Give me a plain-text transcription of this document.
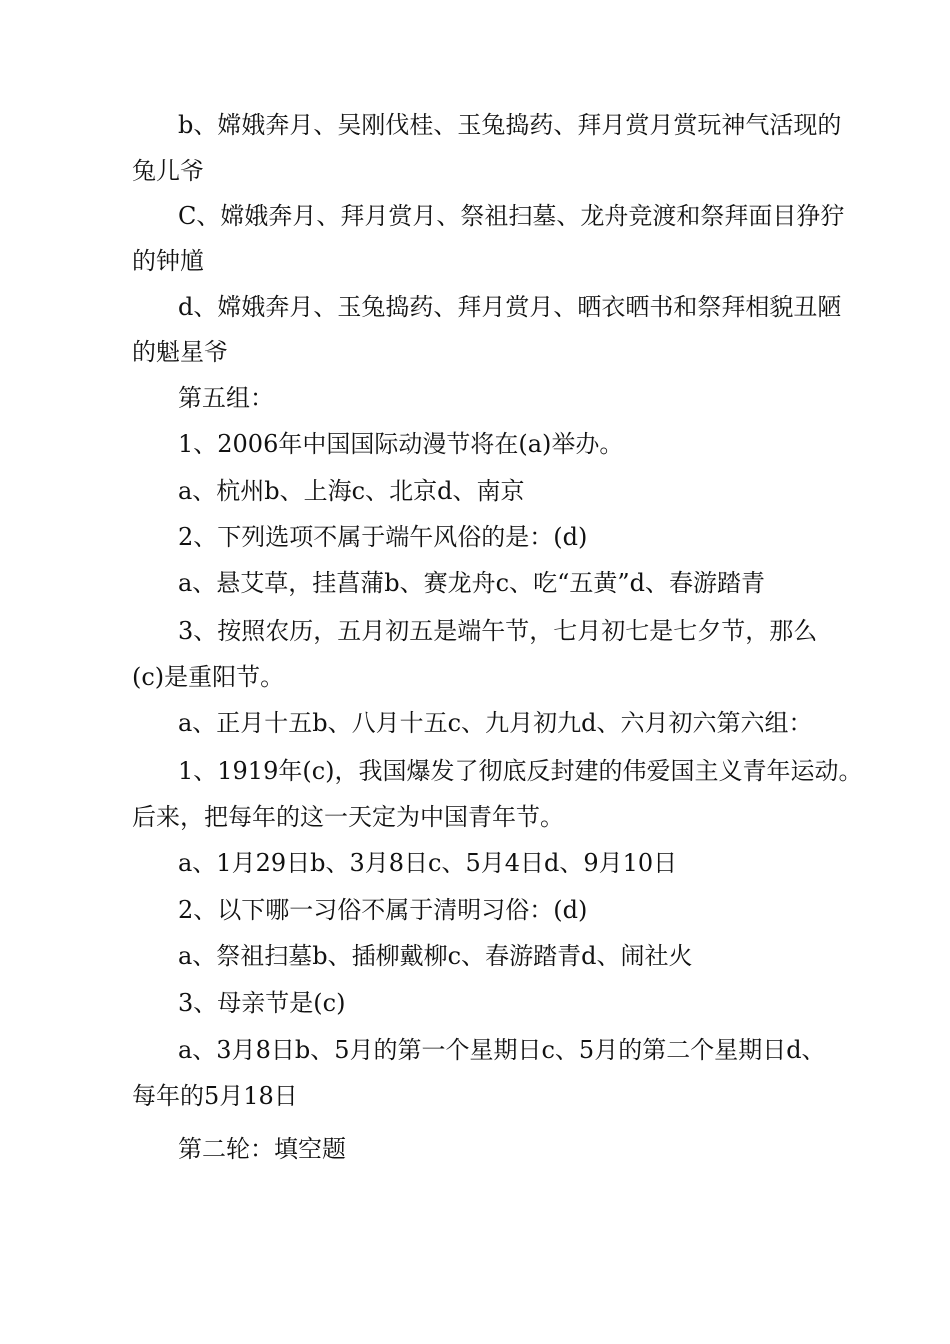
b、嫦娥奔月、吴刚伐桂、玉兔捣药、拜月赏月赏玩神气活现的
兔儿爷
C、嫦娥奔月、拜月赏月、祭祖扫墓、龙舟竞渡和祭拜面目狰狞
的钟馗
d、嫦娥奔月、玉兔捣药、拜月赏月、晒衣晒书和祭拜相貌丑陋
的魁星爷
第五组：
1、2006年中国国际动漫节将在(a)举办。
a、杭州b、上海c、北京d、南京
2、下列选项不属于端午风俗的是：(d)
a、悬艾草，挂菖蒲b、赛龙舟c、吃“五黄”d、春游踏青
3、按照农历，五月初五是端午节，七月初七是七夕节，那么
(c)是重阳节。
a、正月十五b、八月十五c、九月初九d、六月初六第六组：
1、1919年(c)，我国爆发了彻底反封建的伟爱国主义青年运动。
后来，把每年的这一天定为中国青年节。
a、1月29日b、3月8日c、5月4日d、9月10日
2、以下哪一习俗不属于清明习俗：(d)
a、祭祖扫墓b、插柳戴柳c、春游踏青d、闹社火
3、母亲节是(c)
a、3月8日b、5月的第一个星期日c、5月的第二个星期日d、
每年的5月18日
第二轮：填空题
